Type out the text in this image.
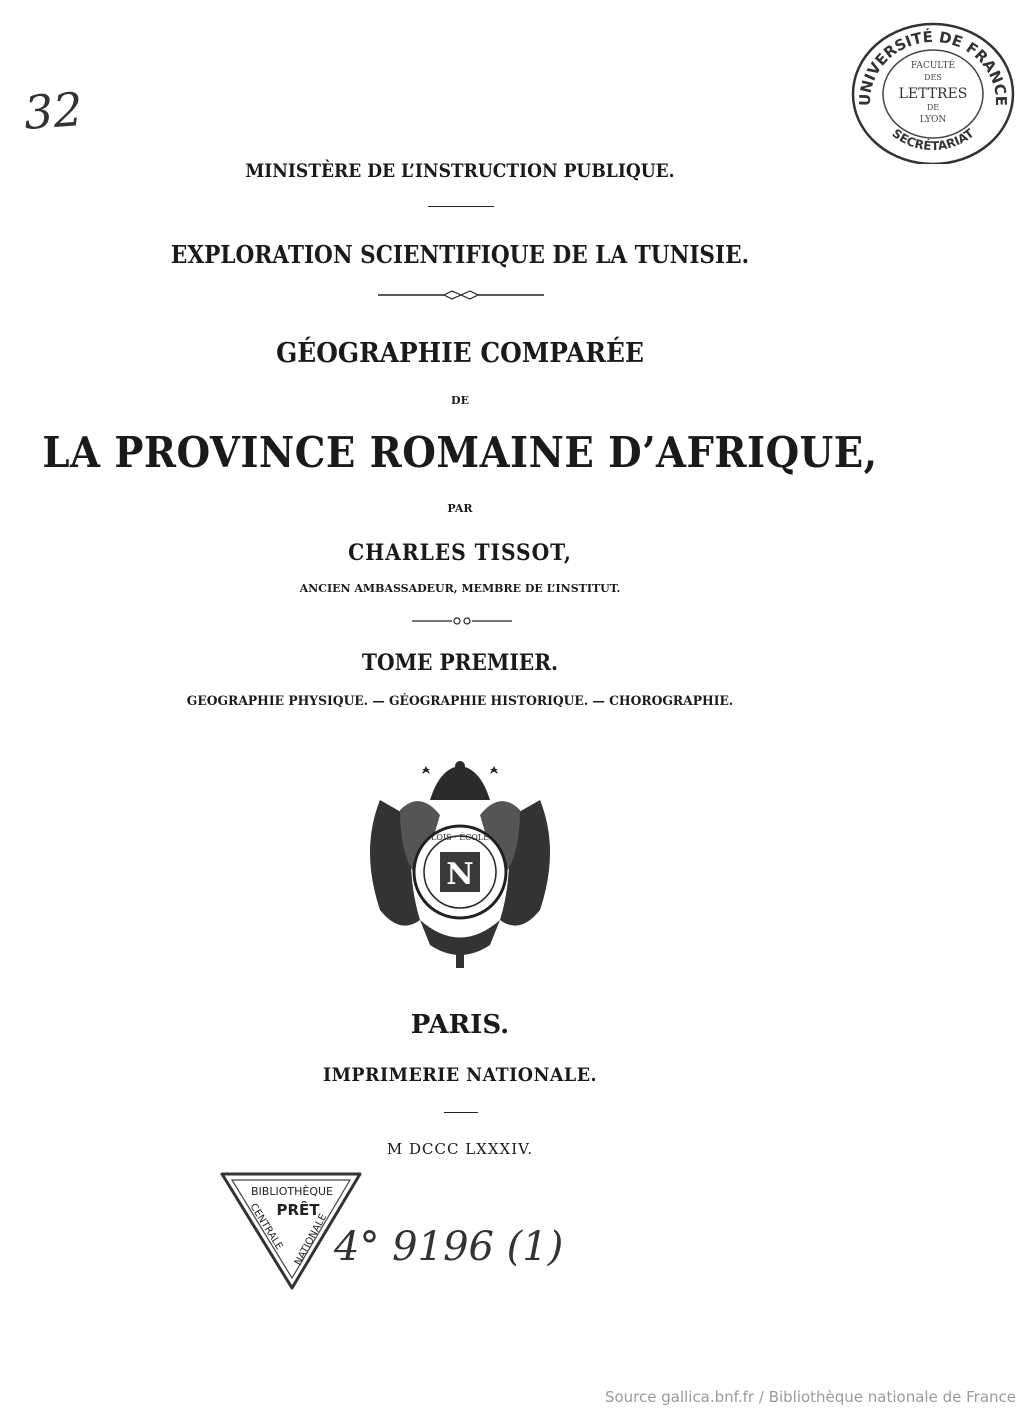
32	UNIVERSITÉ DE FRANCE
SECRÉTARIAT
FACULTÉ
DES
LETTRES
DE
LYON
MINISTÈRE DE L’INSTRUCTION PUBLIQUE.
EXPLORATION SCIENTIFIQUE DE LA TUNISIE.
GÉOGRAPHIE COMPARÉE
DE
LA PROVINCE ROMAINE D’AFRIQUE,
PAR
CHARLES TISSOT,
ANCIEN AMBASSADEUR, MEMBRE DE L’INSTITUT.
TOME PREMIER.
GEOGRAPHIE PHYSIQUE. — GÉOGRAPHIE HISTORIQUE. — CHOROGRAPHIE.
N
LOIS · ÉCOLE
PARIS.
IMPRIMERIE NATIONALE.
M DCCC LXXXIV.
BIBLIOTHÈQUE
PRÊT
CENTRALE NATIONALE 4° 9196 (1)
Source gallica.bnf.fr / Bibliothèque nationale de France
